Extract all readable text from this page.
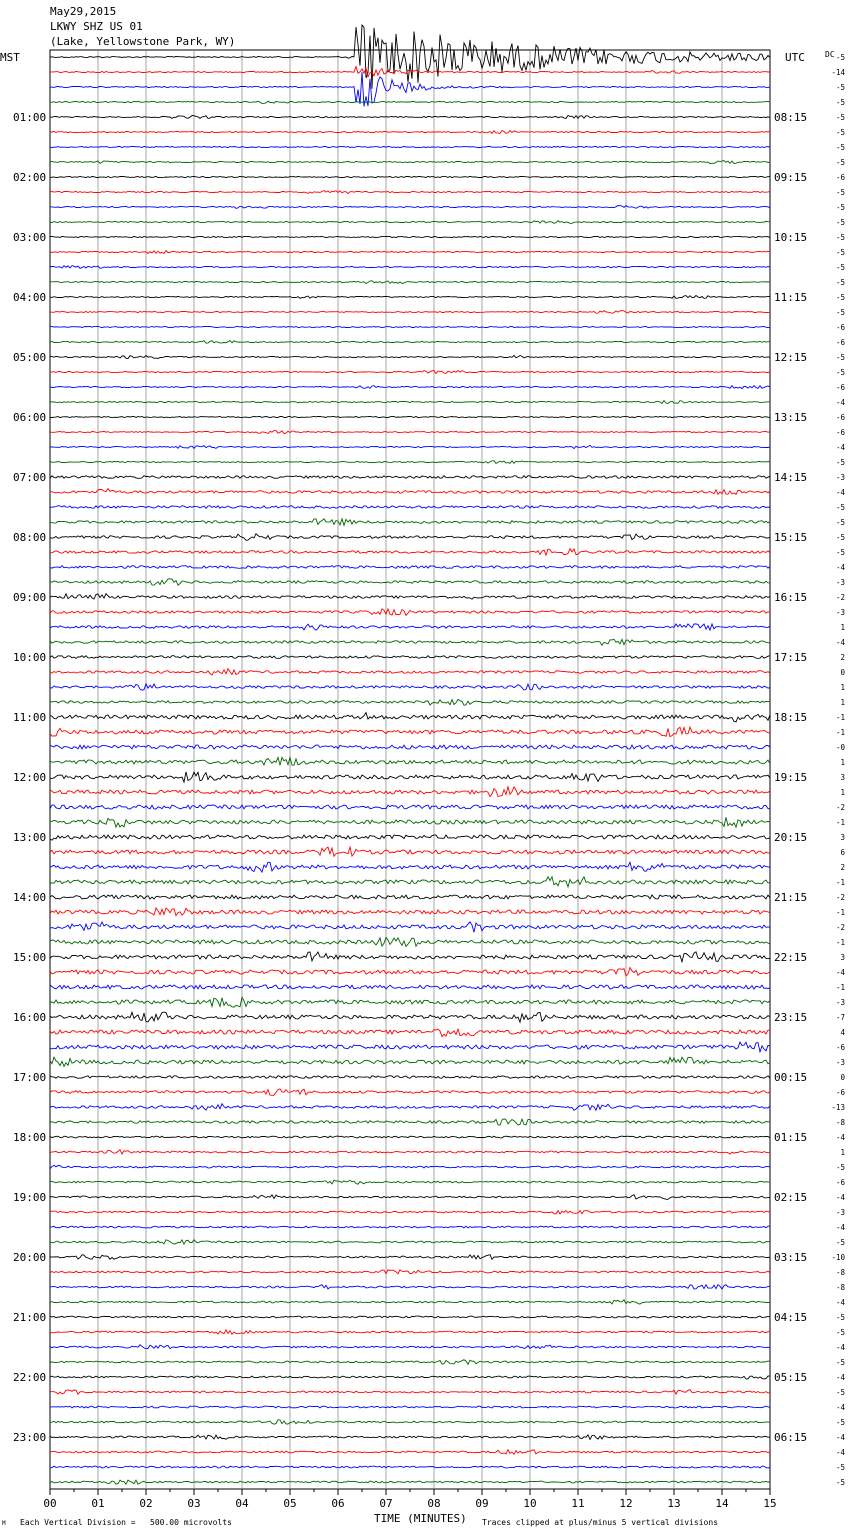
May29,2015
LKWY SHZ US 01
(Lake, Yellowstone Park, WY)
MST	UTC	DC
00	01	02	03	04	05	06	07	08	09	10	11	12	13	14	15
-5
-14
-5
-5
-5
-5
-5
-5
-6
-5
-5
-5
-5
-5
-5
-5
-5
-5
-6
-6
-5
-5
-6
-4
-6
-6
-4
-5
-3
-4
-5
-5
-5
-5
-4
-3
-2
-3
1
-4
2
0
1
1
-1
-1
-0
1
3
1
-2
-1
3
6
2
-1
-2
-1
-2
-1
3
-4
-1
-3
-7
4
-6
-3
0
-6
-13
-8
-4
1
-5
-6
-4
-3
-4
-5
-10
-8
-8
-4
-5
-5
-4
-5
-4
-5
-4
-5
-4
-4
-5
-5
01:00	08:15
02:00	09:15
03:00	10:15
04:00	11:15
05:00	12:15
06:00	13:15
07:00	14:15
08:00	15:15
09:00	16:15
10:00	17:15
11:00	18:15
12:00	19:15
13:00	20:15
14:00	21:15
15:00	22:15
16:00	23:15
17:00	00:15
18:00	01:15
19:00	02:15
20:00	03:15
21:00	04:15
22:00	05:15
23:00	06:15
TIME (MINUTES)
Each Vertical Division =   500.00 microvolts	Traces clipped at plus/minus 5 vertical divisions
M
